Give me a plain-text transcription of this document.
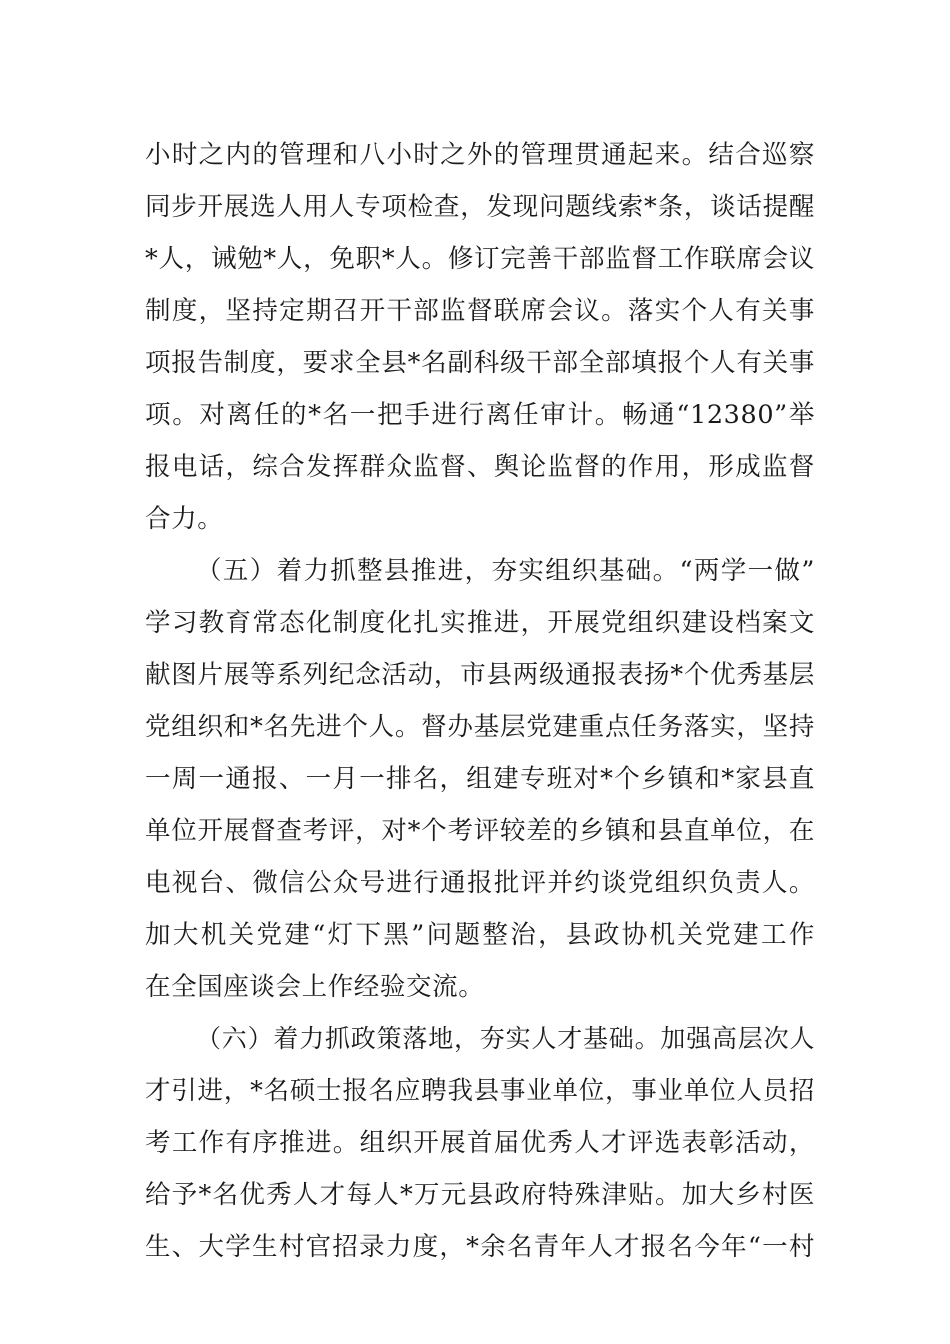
小时之内的管理和八小时之外的管理贯通起来。结合巡察
同步开展选人用人专项检查，发现问题线索*条，谈话提醒
*人，诫勉*人，免职*人。修订完善干部监督工作联席会议
制度，坚持定期召开干部监督联席会议。落实个人有关事
项报告制度，要求全县*名副科级干部全部填报个人有关事
项。对离任的*名一把手进行离任审计。畅通“12380”举
报电话，综合发挥群众监督、舆论监督的作用，形成监督
合力。
（五）着力抓整县推进，夯实组织基础。“两学一做”
学习教育常态化制度化扎实推进，开展党组织建设档案文
献图片展等系列纪念活动，市县两级通报表扬*个优秀基层
党组织和*名先进个人。督办基层党建重点任务落实，坚持
一周一通报、一月一排名，组建专班对*个乡镇和*家县直
单位开展督查考评，对*个考评较差的乡镇和县直单位，在
电视台、微信公众号进行通报批评并约谈党组织负责人。
加大机关党建“灯下黑”问题整治，县政协机关党建工作
在全国座谈会上作经验交流。
（六）着力抓政策落地，夯实人才基础。加强高层次人
才引进，*名硕士报名应聘我县事业单位，事业单位人员招
考工作有序推进。组织开展首届优秀人才评选表彰活动，
给予*名优秀人才每人*万元县政府特殊津贴。加大乡村医
生、大学生村官招录力度，*余名青年人才报名今年“一村
